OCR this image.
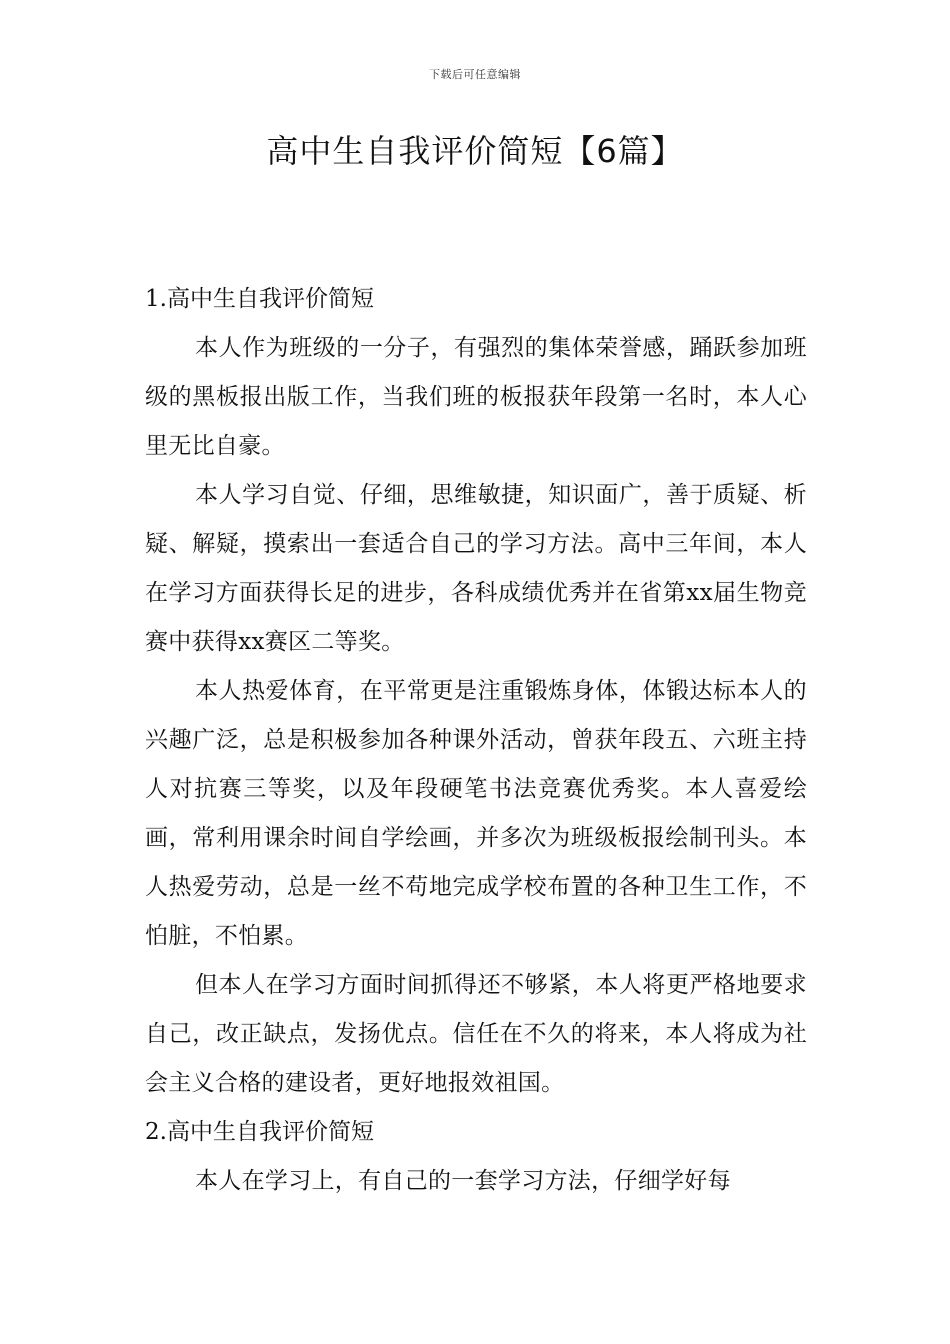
下载后可任意编辑
高中生自我评价简短【6篇】

1.高中生自我评价简短

本人作为班级的一分子，有强烈的集体荣誉感，踊跃参加班级的黑板报出版工作，当我们班的板报获年段第一名时，本人心里无比自豪。

本人学习自觉、仔细，思维敏捷，知识面广，善于质疑、析疑、解疑，摸索出一套适合自己的学习方法。高中三年间，本人在学习方面获得长足的进步，各科成绩优秀并在省第xx届生物竞赛中获得xx赛区二等奖。

本人热爱体育，在平常更是注重锻炼身体，体锻达标本人的兴趣广泛，总是积极参加各种课外活动，曾获年段五、六班主持人对抗赛三等奖，以及年段硬笔书法竞赛优秀奖。本人喜爱绘画，常利用课余时间自学绘画，并多次为班级板报绘制刊头。本人热爱劳动，总是一丝不苟地完成学校布置的各种卫生工作，不怕脏，不怕累。

但本人在学习方面时间抓得还不够紧，本人将更严格地要求自己，改正缺点，发扬优点。信任在不久的将来，本人将成为社会主义合格的建设者，更好地报效祖国。

2.高中生自我评价简短

本人在学习上，有自己的一套学习方法，仔细学好每
